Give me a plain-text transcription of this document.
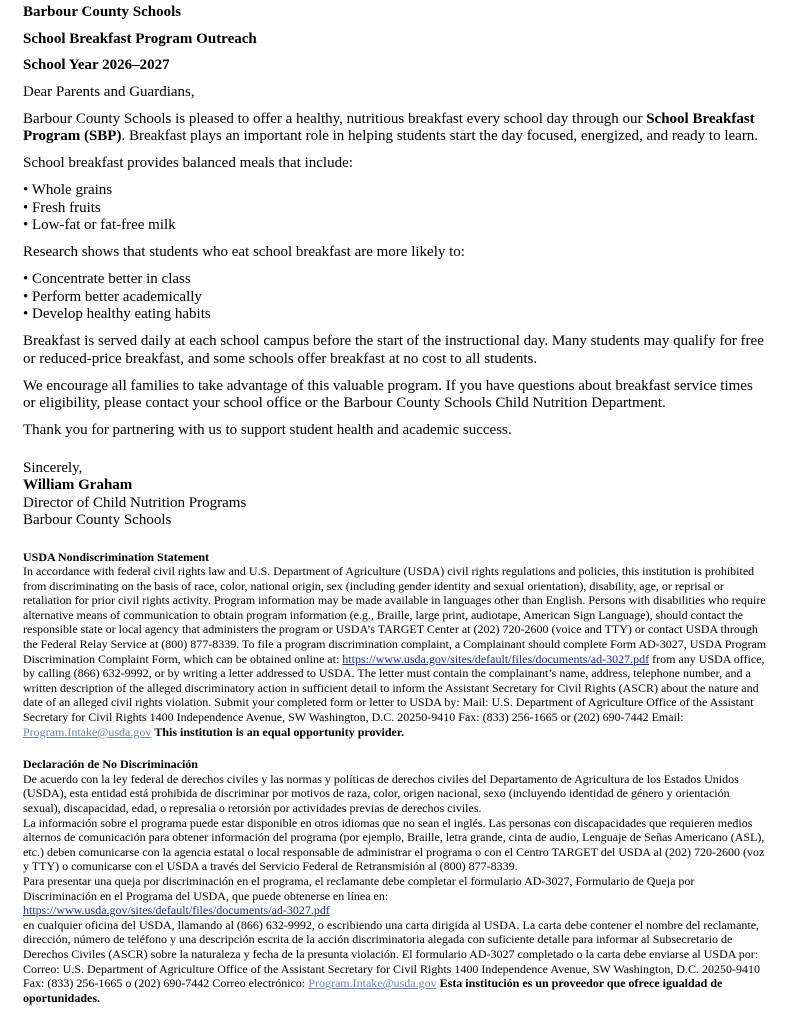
Barbour County Schools
School Breakfast Program Outreach
School Year 2026–2027
Dear Parents and Guardians,
Barbour County Schools is pleased to offer a healthy, nutritious breakfast every school day through our School Breakfast Program (SBP). Breakfast plays an important role in helping students start the day focused, energized, and ready to learn.
School breakfast provides balanced meals that include:
• Whole grains
• Fresh fruits
• Low-fat or fat-free milk
Research shows that students who eat school breakfast are more likely to:
• Concentrate better in class
• Perform better academically
• Develop healthy eating habits
Breakfast is served daily at each school campus before the start of the instructional day. Many students may qualify for free or reduced-price breakfast, and some schools offer breakfast at no cost to all students.
We encourage all families to take advantage of this valuable program. If you have questions about breakfast service times or eligibility, please contact your school office or the Barbour County Schools Child Nutrition Department.
Thank you for partnering with us to support student health and academic success.
Sincerely,
William Graham
Director of Child Nutrition Programs
Barbour County Schools
USDA Nondiscrimination Statement
In accordance with federal civil rights law and U.S. Department of Agriculture (USDA) civil rights regulations and policies, this institution is prohibited from discriminating on the basis of race, color, national origin, sex (including gender identity and sexual orientation), disability, age, or reprisal or retaliation for prior civil rights activity. Program information may be made available in languages other than English. Persons with disabilities who require alternative means of communication to obtain program information (e.g., Braille, large print, audiotape, American Sign Language), should contact the responsible state or local agency that administers the program or USDA’s TARGET Center at (202) 720-2600 (voice and TTY) or contact USDA through the Federal Relay Service at (800) 877-8339. To file a program discrimination complaint, a Complainant should complete Form AD-3027, USDA Program Discrimination Complaint Form, which can be obtained online at: https://www.usda.gov/sites/default/files/documents/ad-3027.pdf from any USDA office, by calling (866) 632-9992, or by writing a letter addressed to USDA. The letter must contain the complainant’s name, address, telephone number, and a written description of the alleged discriminatory action in sufficient detail to inform the Assistant Secretary for Civil Rights (ASCR) about the nature and date of an alleged civil rights violation. Submit your completed form or letter to USDA by: Mail: U.S. Department of Agriculture Office of the Assistant Secretary for Civil Rights 1400 Independence Avenue, SW Washington, D.C. 20250-9410 Fax: (833) 256-1665 or (202) 690-7442 Email: Program.Intake@usda.gov This institution is an equal opportunity provider.
Declaración de No Discriminación
De acuerdo con la ley federal de derechos civiles y las normas y políticas de derechos civiles del Departamento de Agricultura de los Estados Unidos (USDA), esta entidad está prohibida de discriminar por motivos de raza, color, origen nacional, sexo (incluyendo identidad de género y orientación sexual), discapacidad, edad, o represalia o retorsión por actividades previas de derechos civiles.
La información sobre el programa puede estar disponible en otros idiomas que no sean el inglés. Las personas con discapacidades que requieren medios alternos de comunicación para obtener información del programa (por ejemplo, Braille, letra grande, cinta de audio, Lenguaje de Señas Americano (ASL), etc.) deben comunicarse con la agencia estatal o local responsable de administrar el programa o con el Centro TARGET del USDA al (202) 720-2600 (voz y TTY) o comunicarse con el USDA a través del Servicio Federal de Retransmisión al (800) 877-8339.
Para presentar una queja por discriminación en el programa, el reclamante debe completar el formulario AD-3027, Formulario de Queja por Discriminación en el Programa del USDA, que puede obtenerse en línea en:
https://www.usda.gov/sites/default/files/documents/ad-3027.pdf
en cualquier oficina del USDA, llamando al (866) 632-9992, o escribiendo una carta dirigida al USDA. La carta debe contener el nombre del reclamante, dirección, número de teléfono y una descripción escrita de la acción discriminatoria alegada con suficiente detalle para informar al Subsecretario de Derechos Civiles (ASCR) sobre la naturaleza y fecha de la presunta violación. El formulario AD-3027 completado o la carta debe enviarse al USDA por: Correo: U.S. Department of Agriculture Office of the Assistant Secretary for Civil Rights 1400 Independence Avenue, SW Washington, D.C. 20250-9410 Fax: (833) 256-1665 o (202) 690-7442 Correo electrónico: Program.Intake@usda.gov Esta institución es un proveedor que ofrece igualdad de oportunidades.
